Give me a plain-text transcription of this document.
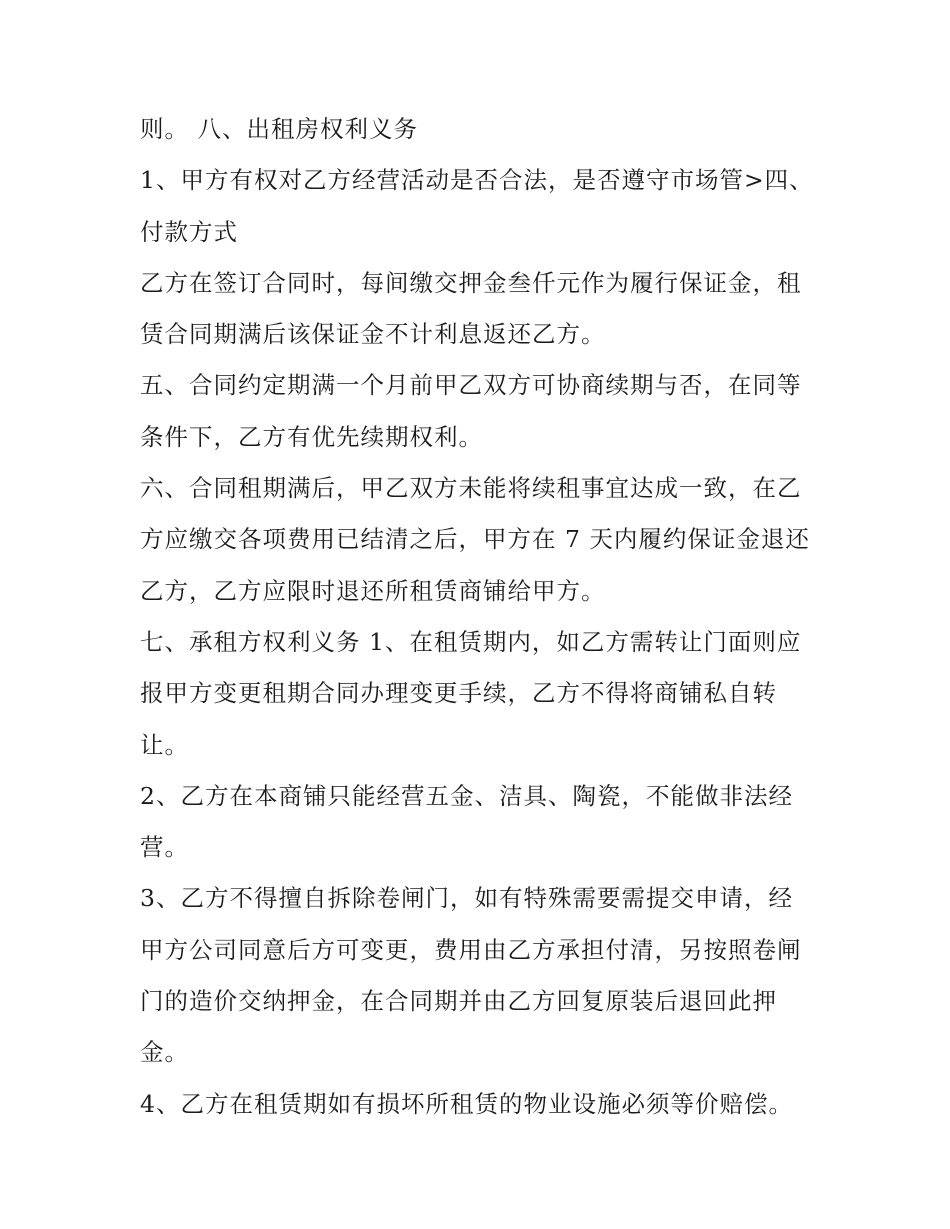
则。 八、出租房权利义务
1、甲方有权对乙方经营活动是否合法，是否遵守市场管>四、
付款方式
乙方在签订合同时，每间缴交押金叁仟元作为履行保证金，租
赁合同期满后该保证金不计利息返还乙方。
五、合同约定期满一个月前甲乙双方可协商续期与否，在同等
条件下，乙方有优先续期权利。
六、合同租期满后，甲乙双方未能将续租事宜达成一致，在乙
方应缴交各项费用已结清之后，甲方在 7 天内履约保证金退还
乙方，乙方应限时退还所租赁商铺给甲方。
七、承租方权利义务 1、在租赁期内，如乙方需转让门面则应
报甲方变更租期合同办理变更手续，乙方不得将商铺私自转
让。
2、乙方在本商铺只能经营五金、洁具、陶瓷，不能做非法经
营。
3、乙方不得擅自拆除卷闸门，如有特殊需要需提交申请，经
甲方公司同意后方可变更，费用由乙方承担付清，另按照卷闸
门的造价交纳押金，在合同期并由乙方回复原装后退回此押
金。
4、乙方在租赁期如有损坏所租赁的物业设施必须等价赔偿。
